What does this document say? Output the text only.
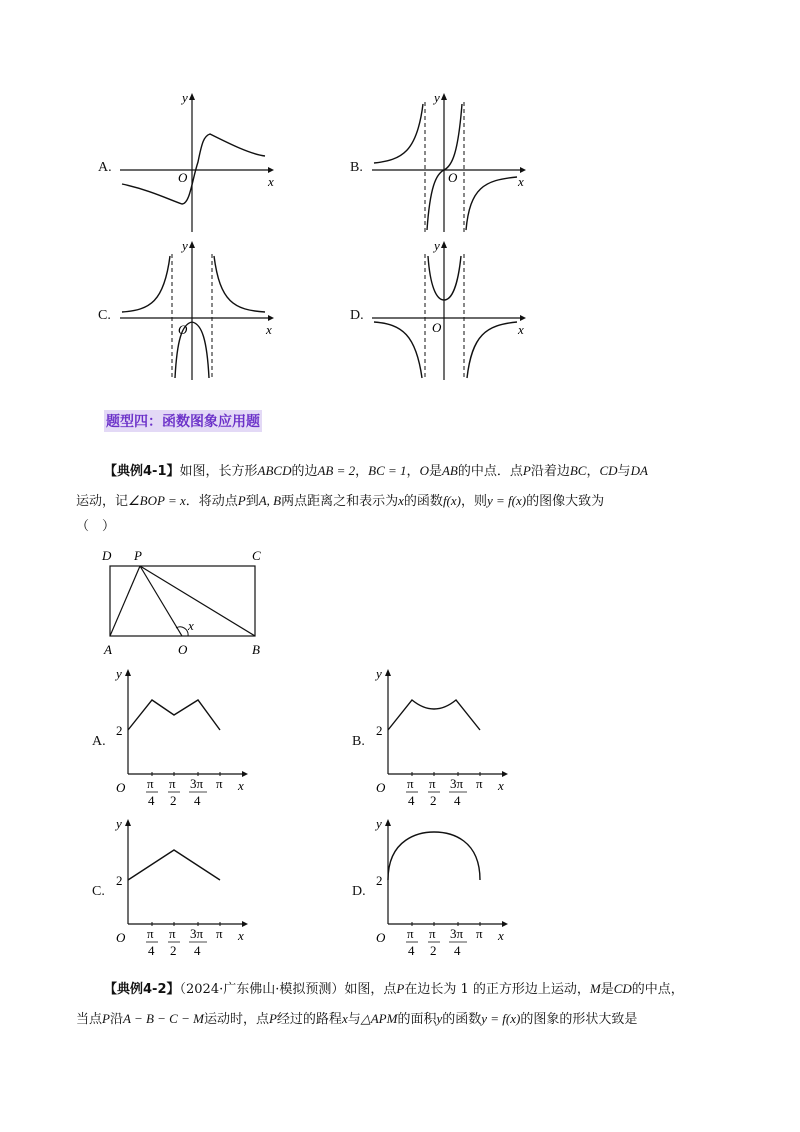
A.
x
y
O
B.
x
y
O
C.
x
y
O
D.
x
y
O
题型四：函数图象应用题
【典例4-1】如图，长方形ABCD的边AB = 2，BC = 1，O是AB的中点．点P沿着边BC，CD与DA
运动，记∠BOP = x．将动点P到A, B两点距离之和表示为x的函数f(x)，则y = f(x)的图像大致为
（　）
D P	C
A	O	B
x
A.
O
y
x
2
π
4
π
2
3π
4
π
B.
O
y
x
2
π
4
π
2
3π
4
π
C.
O
y
x
2
π
4
π
2
3π
4
π
D.
O
y
x
2
π
4
π
2
3π
4
π
【典例4-2】（2024·广东佛山·模拟预测）如图，点P在边长为 1 的正方形边上运动，M是CD的中点，
当点P沿A − B − C − M运动时，点P经过的路程x与△APM的面积y的函数y = f(x)的图象的形状大致是
